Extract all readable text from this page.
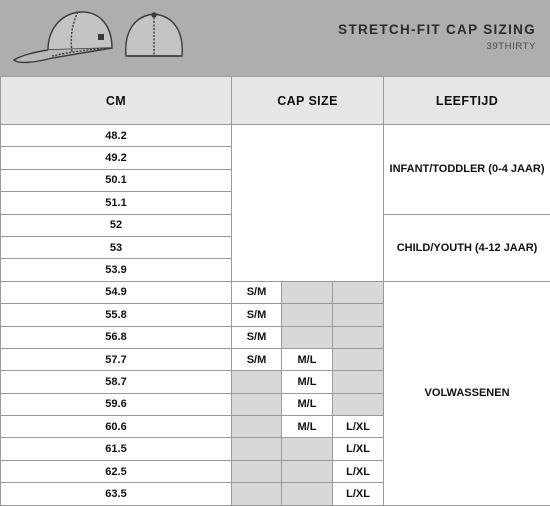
STRETCH-FIT CAP SIZING
39THIRTY
CM	CAP SIZE			LEEFTIJD
48.2				INFANT/TODDLER (0-4 JAAR)
49.2				
50.1				
51.1				
52				CHILD/YOUTH (4-12 JAAR)
53				
53.9				
54.9	S/M			VOLWASSENEN
55.8	S/M			
56.8	S/M			
57.7	S/M	M/L		
58.7		M/L		
59.6		M/L		
60.6		M/L	L/XL	
61.5			L/XL	
62.5			L/XL	
63.5			L/XL	
